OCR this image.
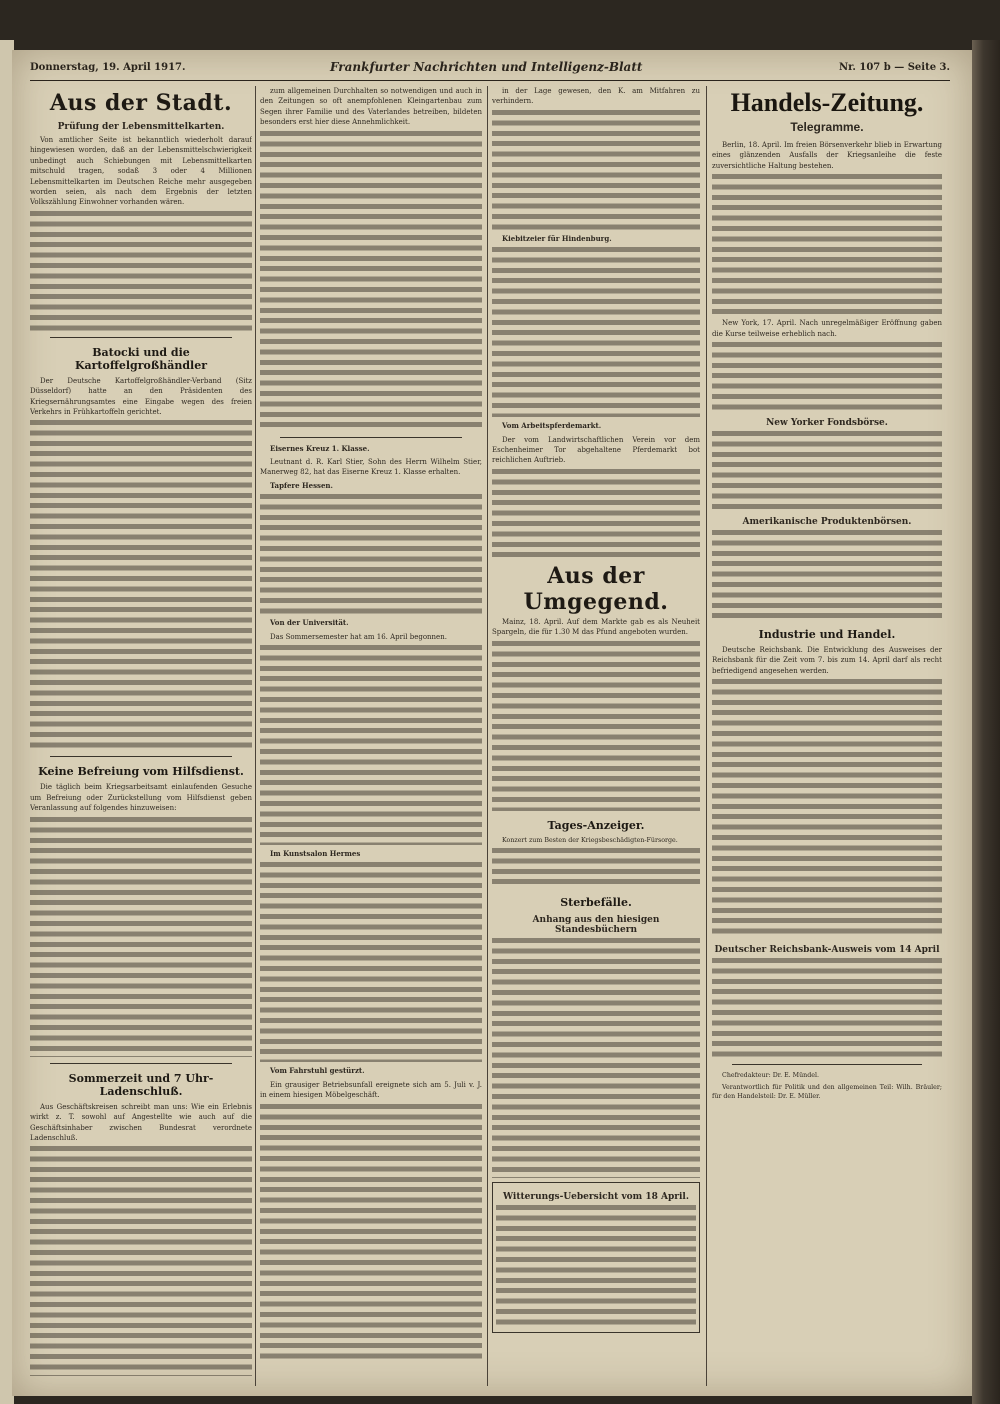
Donnerstag, 19. April 1917.	Frankfurter Nachrichten und Intelligenz-Blatt	Nr. 107 b — Seite 3.
Aus der Stadt.
Prüfung der Lebensmittelkarten.

Von amtlicher Seite ist bekanntlich wiederholt darauf hingewiesen worden, daß an der Lebensmittelschwierigkeit unbedingt auch Schiebungen mit Lebensmittelkarten mitschuld tragen, sodaß 3 oder 4 Millionen Lebensmittelkarten im Deutschen Reiche mehr ausgegeben worden seien, als nach dem Ergebnis der letzten Volkszählung Einwohner vorhanden wären.

Batocki und die Kartoffelgroßhändler

Der Deutsche Kartoffelgroßhändler-Verband (Sitz Düsseldorf) hatte an den Präsidenten des Kriegsernährungsamtes eine Eingabe wegen des freien Verkehrs in Frühkartoffeln gerichtet.

Keine Befreiung vom Hilfsdienst.

Die täglich beim Kriegsarbeitsamt einlaufenden Gesuche um Befreiung oder Zurückstellung vom Hilfsdienst geben Veranlassung auf folgendes hinzuweisen:

Sommerzeit und 7 Uhr-Ladenschluß.

Aus Geschäftskreisen schreibt man uns: Wie ein Erlebnis wirkt z. T. sowohl auf Angestellte wie auch auf die Geschäftsinhaber zwischen Bundesrat verordnete Ladenschluß.

zum allgemeinen Durchhalten so notwendigen und auch in den Zeitungen so oft anempfohlenen Kleingartenbau zum Segen ihrer Familie und des Vaterlandes betreiben, bildeten besonders erst hier diese Annehmlichkeit.

Eisernes Kreuz 1. Klasse.

Leutnant d. R. Karl Stier, Sohn des Herrn Wilhelm Stier, Manerweg 82, hat das Eiserne Kreuz 1. Klasse erhalten.

Tapfere Hessen.

Von der Universität.

Das Sommersemester hat am 16. April begonnen.

Im Kunstsalon Hermes

Vom Fahrstuhl gestürzt.

Ein grausiger Betriebsunfall ereignete sich am 5. Juli v. J. in einem hiesigen Möbelgeschäft.

in der Lage gewesen, den K. am Mitfahren zu verhindern.

Kiebitzeier für Hindenburg.

Vom Arbeitspferdemarkt.

Der vom Landwirtschaftlichen Verein vor dem Eschenheimer Tor abgehaltene Pferdemarkt bot reichlichen Auftrieb.

Aus der Umgegend.

Mainz, 18. April. Auf dem Markte gab es als Neuheit Spargeln, die für 1.30 M das Pfund angeboten wurden.

Tages-Anzeiger.

Konzert zum Besten der Kriegsbeschädigten-Fürsorge.

Sterbefälle.
Anhang aus den hiesigen Standesbüchern
Witterungs-Uebersicht vom 18 April.
Handels-Zeitung.
Telegramme.

Berlin, 18. April. Im freien Börsenverkehr blieb in Erwartung eines glänzenden Ausfalls der Kriegsanleihe die feste zuversichtliche Haltung bestehen.

New York, 17. April. Nach unregelmäßiger Eröffnung gaben die Kurse teilweise erheblich nach.

New Yorker Fondsbörse.
Amerikanische Produktenbörsen.
Industrie und Handel.

Deutsche Reichsbank. Die Entwicklung des Ausweises der Reichsbank für die Zeit vom 7. bis zum 14. April darf als recht befriedigend angesehen werden.

Deutscher Reichsbank-Ausweis vom 14 April

Chefredakteur: Dr. E. Mündel.

Verantwortlich für Politik und den allgemeinen Teil: Wilh. Bräuler; für den Handelsteil: Dr. E. Müller.
